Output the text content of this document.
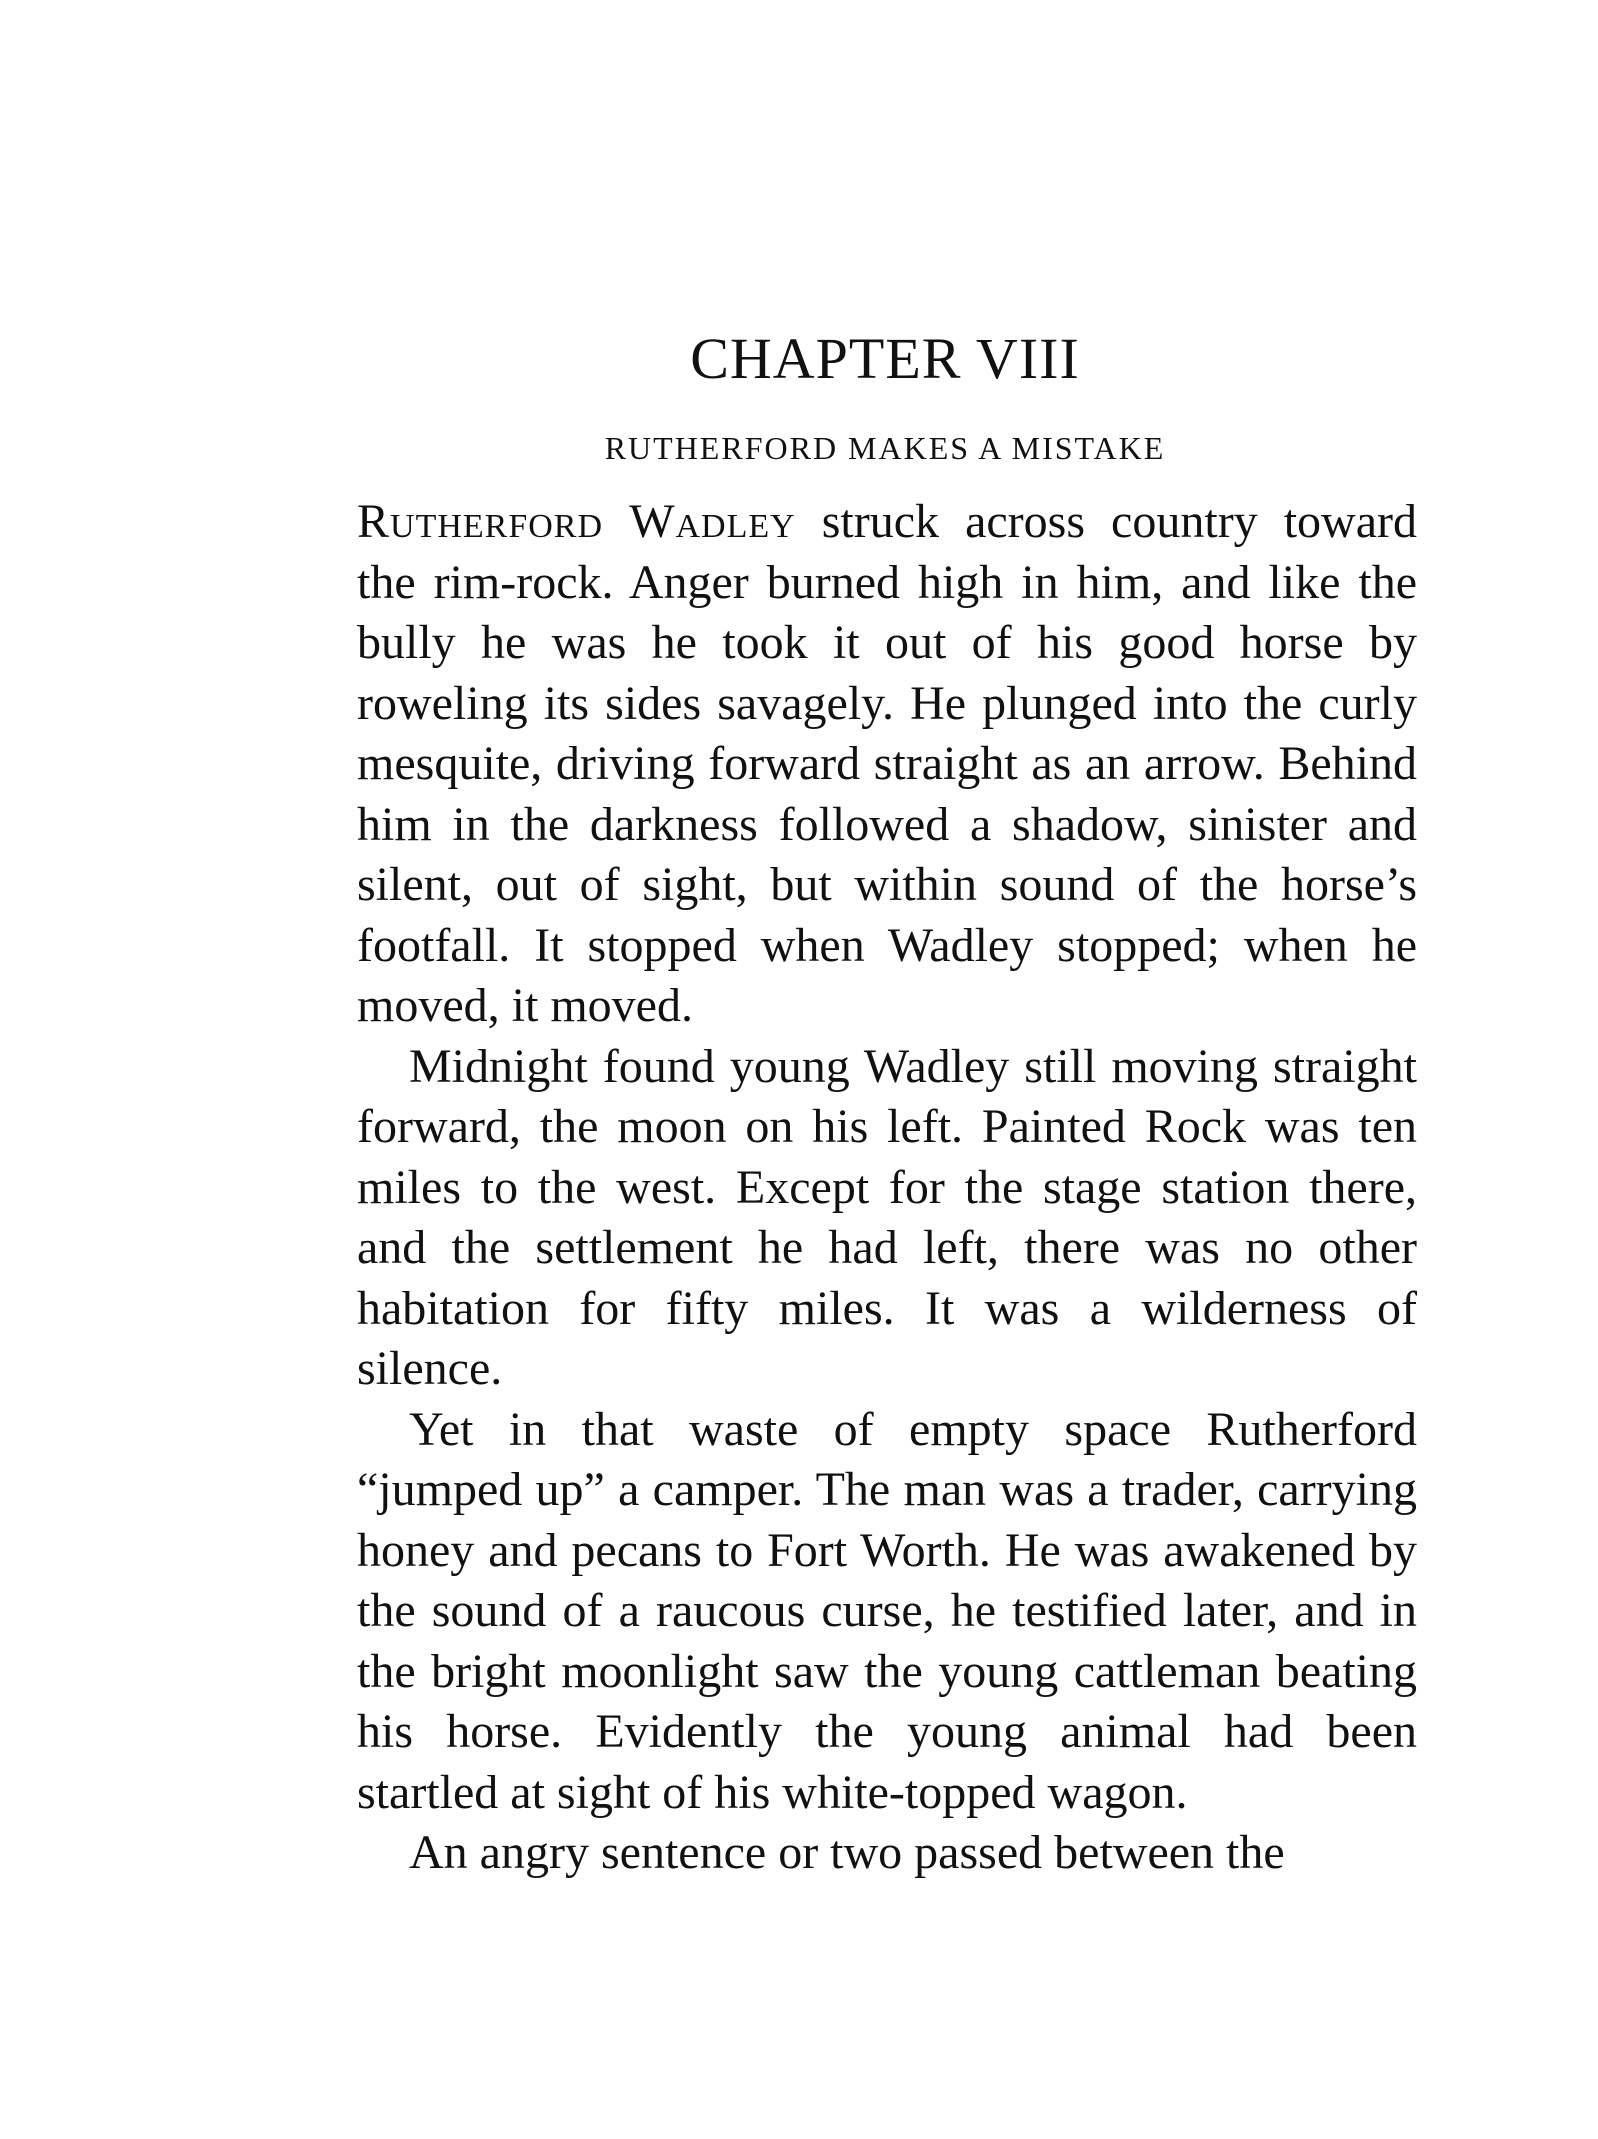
CHAPTER VIII
RUTHERFORD MAKES A MISTAKE

Rutherford Wadley struck across country toward the rim-rock. Anger burned high in him, and like the bully he was he took it out of his good horse by roweling its sides savagely. He plunged into the curly mesquite, driving forward straight as an arrow. Behind him in the darkness followed a shadow, sinister and silent, out of sight, but within sound of the horse’s footfall. It stopped when Wadley stopped; when he moved, it moved.

Midnight found young Wadley still moving straight forward, the moon on his left. Painted Rock was ten miles to the west. Except for the stage station there, and the settlement he had left, there was no other habitation for fifty miles. It was a wilderness of silence.

Yet in that waste of empty space Rutherford “jumped up” a camper. The man was a trader, carrying honey and pecans to Fort Worth. He was awakened by the sound of a raucous curse, he testified later, and in the bright moonlight saw the young cattleman beating his horse. Evidently the young animal had been startled at sight of his white-topped wagon.

An angry sentence or two passed between the
